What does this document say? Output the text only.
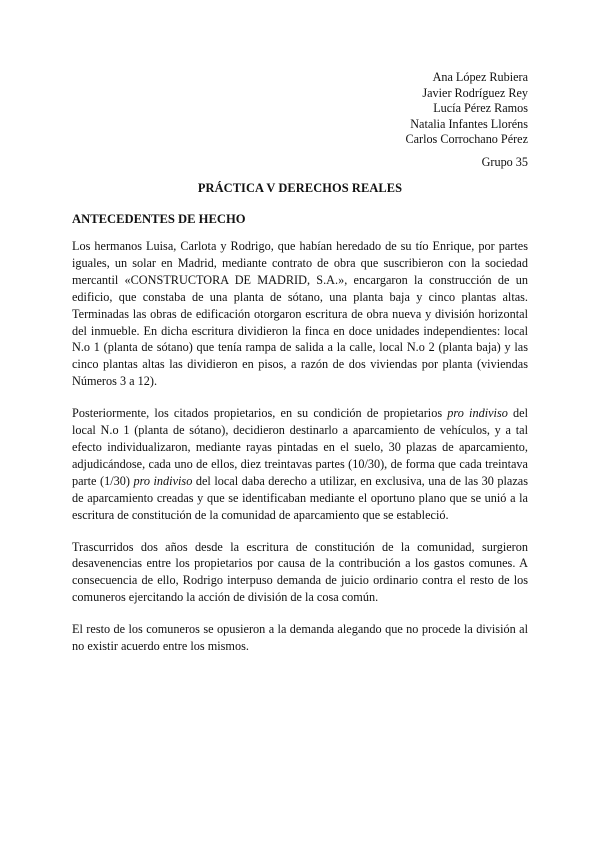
Ana López Rubiera
Javier Rodríguez Rey
Lucía Pérez Ramos
Natalia Infantes Lloréns
Carlos Corrochano Pérez
Grupo 35
PRÁCTICA V DERECHOS REALES
ANTECEDENTES DE HECHO

Los hermanos Luisa, Carlota y Rodrigo, que habían heredado de su tío Enrique, por partes iguales, un solar en Madrid, mediante contrato de obra que suscribieron con la sociedad mercantil «CONSTRUCTORA DE MADRID, S.A.», encargaron la construcción de un edificio, que constaba de una planta de sótano, una planta baja y cinco plantas altas. Terminadas las obras de edificación otorgaron escritura de obra nueva y división horizontal del inmueble. En dicha escritura dividieron la finca en doce unidades independientes: local N.o 1 (planta de sótano) que tenía rampa de salida a la calle, local N.o 2 (planta baja) y las cinco plantas altas las dividieron en pisos, a razón de dos viviendas por planta (viviendas Números 3 a 12).

Posteriormente, los citados propietarios, en su condición de propietarios pro indiviso del local N.o 1 (planta de sótano), decidieron destinarlo a aparcamiento de vehículos, y a tal efecto individualizaron, mediante rayas pintadas en el suelo, 30 plazas de aparcamiento, adjudicándose, cada uno de ellos, diez treintavas partes (10/30), de forma que cada treintava parte (1/30) pro indiviso del local daba derecho a utilizar, en exclusiva, una de las 30 plazas de aparcamiento creadas y que se identificaban mediante el oportuno plano que se unió a la escritura de constitución de la comunidad de aparcamiento que se estableció.

Trascurridos dos años desde la escritura de constitución de la comunidad, surgieron desavenencias entre los propietarios por causa de la contribución a los gastos comunes. A consecuencia de ello, Rodrigo interpuso demanda de juicio ordinario contra el resto de los comuneros ejercitando la acción de división de la cosa común.

El resto de los comuneros se opusieron a la demanda alegando que no procede la división al no existir acuerdo entre los mismos.
